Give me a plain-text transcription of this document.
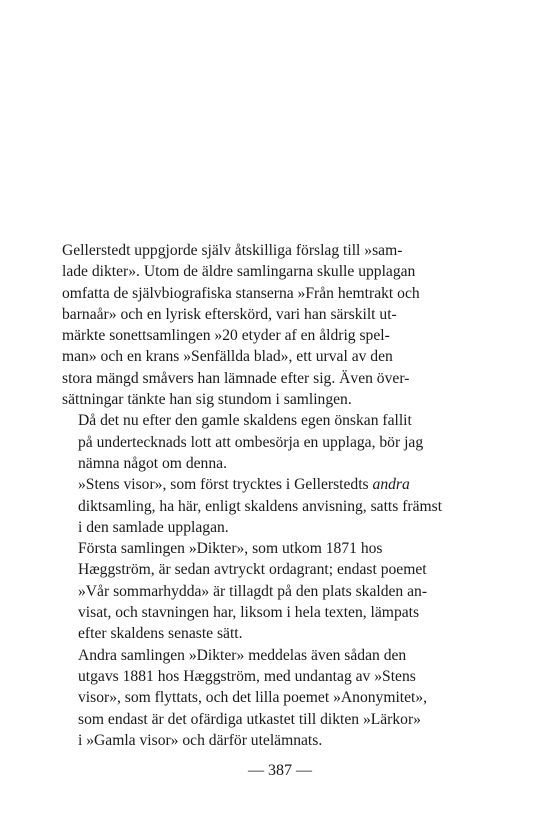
Gellerstedt uppgjorde själv åtskilliga förslag till »sam-
lade dikter». Utom de äldre samlingarna skulle upplagan
omfatta de självbiografiska stanserna »Från hemtrakt och
barnaår» och en lyrisk efterskörd, vari han särskilt ut-
märkte sonettsamlingen »20 etyder af en åldrig spel-
man» och en krans »Senfällda blad», ett urval av den
stora mängd småvers han lämnade efter sig. Även över-
sättningar tänkte han sig stundom i samlingen.

Då det nu efter den gamle skaldens egen önskan fallit
på undertecknads lott att ombesörja en upplaga, bör jag
nämna något om denna.

»Stens visor», som först trycktes i Gellerstedts andra
diktsamling, ha här, enligt skaldens anvisning, satts främst
i den samlade upplagan.

Första samlingen »Dikter», som utkom 1871 hos
Hæggström, är sedan avtryckt ordagrant; endast poemet
»Vår sommarhydda» är tillagdt på den plats skalden an-
visat, och stavningen har, liksom i hela texten, lämpats
efter skaldens senaste sätt.

Andra samlingen »Dikter» meddelas även sådan den
utgavs 1881 hos Hæggström, med undantag av »Stens
visor», som flyttats, och det lilla poemet »Anonymitet»,
som endast är det ofärdiga utkastet till dikten »Lärkor»
i »Gamla visor» och därför utelämnats.

— 387 —
